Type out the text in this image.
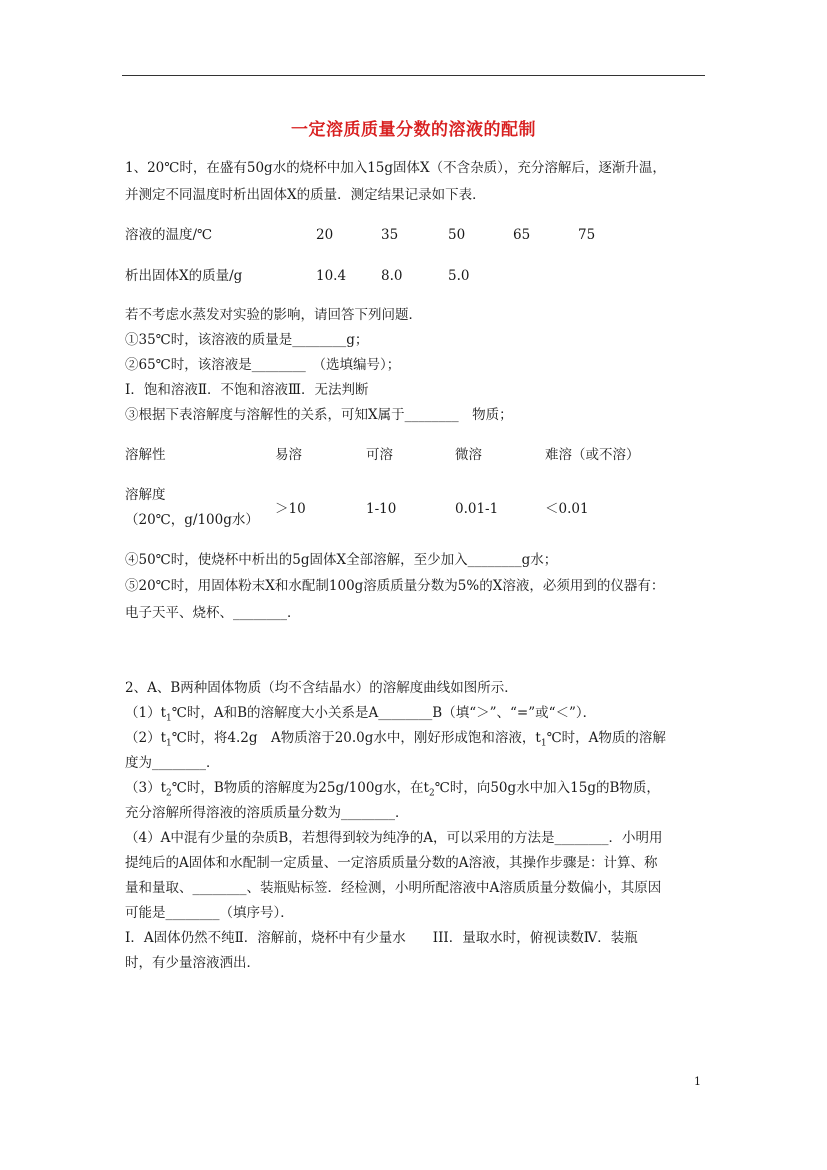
一定溶质质量分数的溶液的配制
1、20℃时，在盛有50g水的烧杯中加入15g固体X（不含杂质），充分溶解后，逐渐升温，
并测定不同温度时析出固体X的质量．测定结果记录如下表．
溶液的温度/℃	20	35	50	65	75
析出固体X的质量/g	10.4	8.0	5.0
若不考虑水蒸发对实验的影响，请回答下列问题．
①35℃时，该溶液的质量是________g；
②65℃时，该溶液是________　（选填编号）；
Ⅰ．饱和溶液Ⅱ．不饱和溶液Ⅲ．无法判断
③根据下表溶解度与溶解性的关系，可知X属于________　物质；
溶解性	易溶	可溶	微溶	难溶（或不溶）
溶解度
（20℃，g/100g水）
＞10	1-10	0.01-1	＜0.01
④50℃时，使烧杯中析出的5g固体X全部溶解，至少加入________g水；
⑤20℃时，用固体粉末X和水配制100g溶质质量分数为5%的X溶液，必须用到的仪器有：
电子天平、烧杯、________．
2、A、B两种固体物质（均不含结晶水）的溶解度曲线如图所示．
$(1)t_1℃$时，A和B的溶解度大小关系是A________B（填“＞”、“=”或“＜”）．
$(2)t_1℃$时，将4.2g　A物质溶于20.0g水中，刚好形成饱和溶液，$t_1℃$时，A物质的溶解
度为________．
$(3)t_2℃$时，B物质的溶解度为25g/100g水，在$t_2℃$时，向50g水中加入15g的B物质，
充分溶解所得溶液的溶质质量分数为________．
（4）A中混有少量的杂质B，若想得到较为纯净的A，可以采用的方法是________．小明用
提纯后的A固体和水配制一定质量、一定溶质质量分数的A溶液，其操作步骤是：计算、称
量和量取、________、装瓶贴标签．经检测，小明所配溶液中A溶质质量分数偏小，其原因
可能是________（填序号）．
Ⅰ．A固体仍然不纯Ⅱ．溶解前，烧杯中有少量水　　III．量取水时，俯视读数Ⅳ．装瓶
时，有少量溶液洒出．
1
